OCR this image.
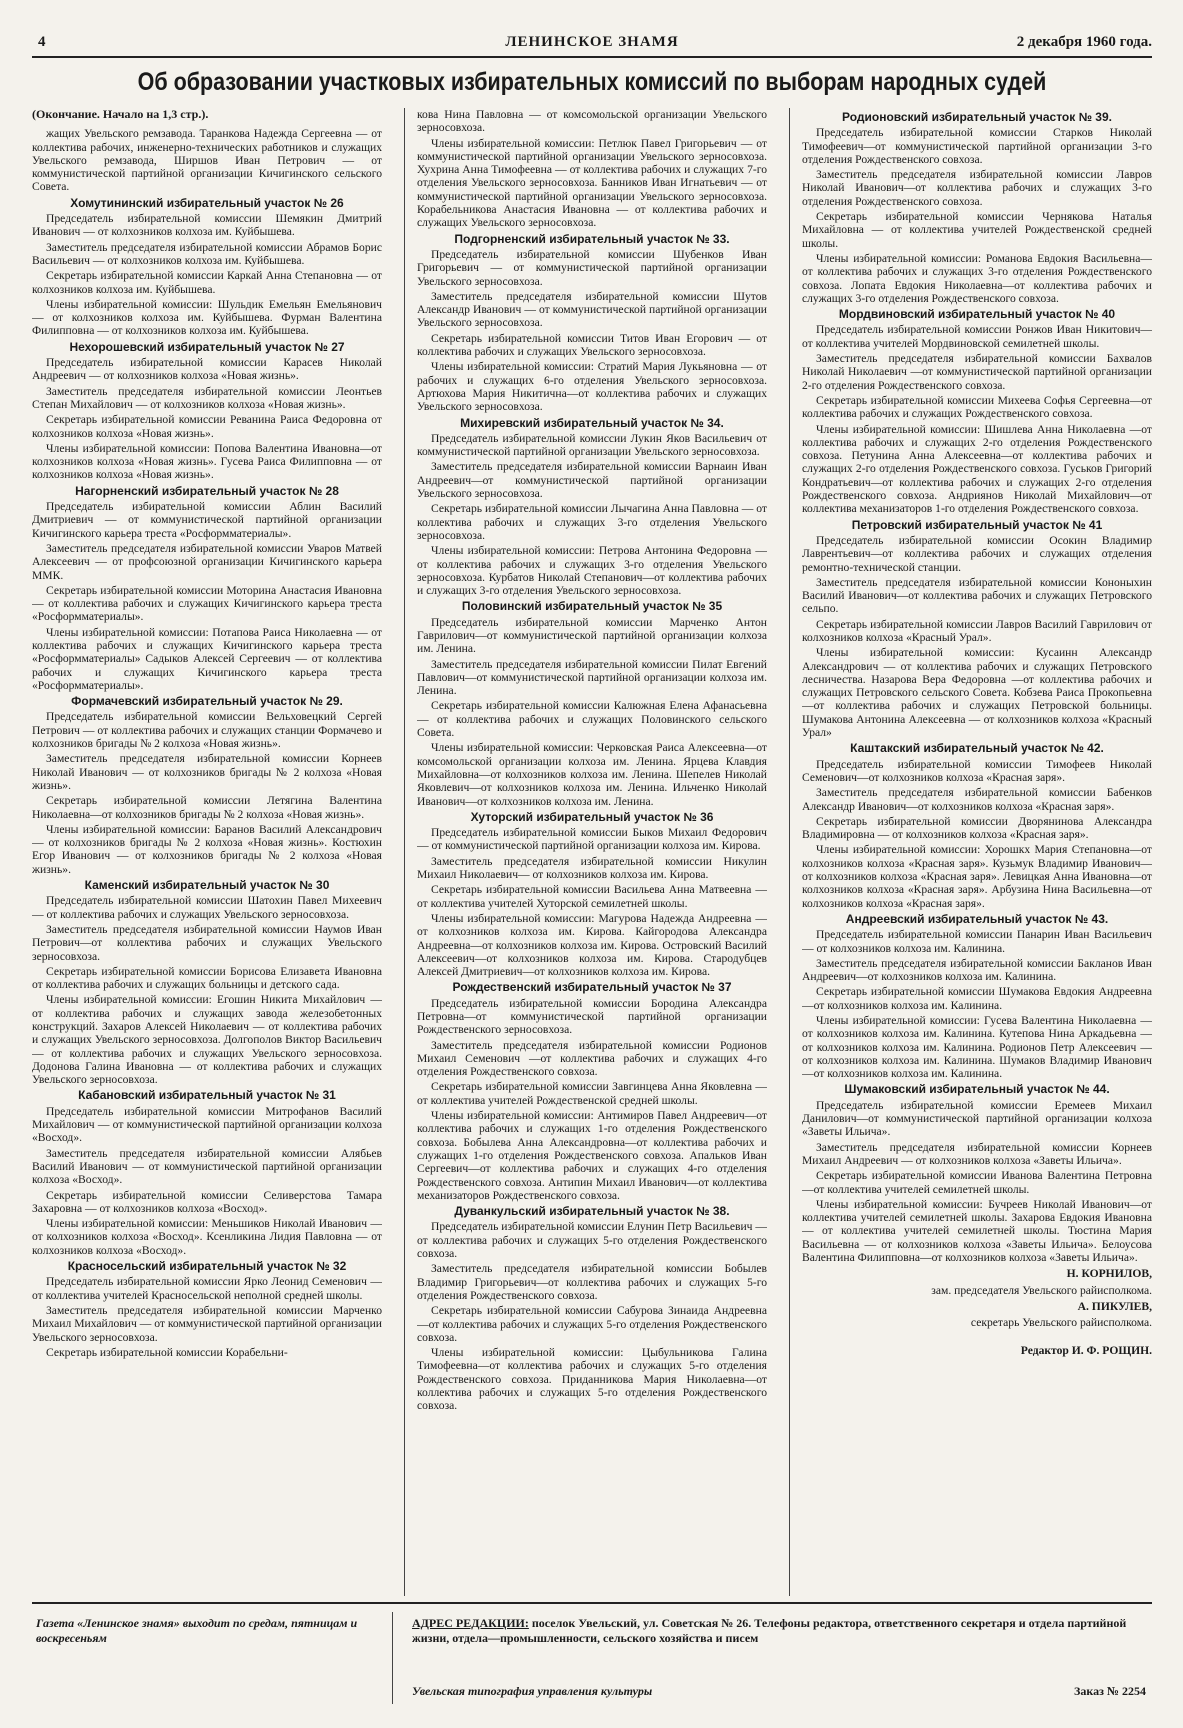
4	ЛЕНИНСКОЕ ЗНАМЯ	2 декабря 1960 года.
Об образовании участковых избирательных комиссий по выборам народных судей

(Окончание. Начало на 1,3 стр.).

жащих Увельского ремзавода. Таранкова Надежда Сергеевна — от коллектива рабочих, инженерно-технических работников и служащих Увельского ремзавода, Ширшов Иван Петрович — от коммунистической партийной организации Кичигинского сельского Совета.

Хомутининский избирательный участок № 26

Председатель избирательной комиссии Шемякин Дмитрий Иванович — от колхозников колхоза им. Куйбышева.

Заместитель председателя избирательной комиссии Абрамов Борис Васильевич — от колхозников колхоза им. Куйбышева.

Секретарь избирательной комиссии Каркай Анна Степановна — от колхозников колхоза им. Куйбышева.

Члены избирательной комиссии: Шульдик Емельян Емельянович — от колхозников колхоза им. Куйбышева. Фурман Валентина Филипповна — от колхозников колхоза им. Куйбышева.

Нехорошевский избирательный участок № 27

Председатель избирательной комиссии Карасев Николай Андреевич — от колхозников колхоза «Новая жизнь».

Заместитель председателя избирательной комиссии Леонтьев Степан Михайлович — от колхозников колхоза «Новая жизнь».

Секретарь избирательной комиссии Реванина Раиса Федоровна от колхозников колхоза «Новая жизнь».

Члены избирательной комиссии: Попова Валентина Ивановна—от колхозников колхоза «Новая жизнь». Гусева Раиса Филипповна — от колхозников колхоза «Новая жизнь».

Нагорненский избирательный участок № 28

Председатель избирательной комиссии Аблин Василий Дмитриевич — от коммунистической партийной организации Кичигинского карьера треста «Росформматериалы».

Заместитель председателя избирательной комиссии Уваров Матвей Алексеевич — от профсоюзной организации Кичигинского карьера ММК.

Секретарь избирательной комиссии Моторина Анастасия Ивановна — от коллектива рабочих и служащих Кичигинского карьера треста «Росформматериалы».

Члены избирательной комиссии: Потапова Раиса Николаевна — от коллектива рабочих и служащих Кичигинского карьера треста «Росформматериалы» Садыков Алексей Сергеевич — от коллектива рабочих и служащих Кичигинского карьера треста «Росформматериалы».

Формачевский избирательный участок № 29.

Председатель избирательной комиссии Вельховецкий Сергей Петрович — от коллектива рабочих и служащих станции Формачево и колхозников бригады № 2 колхоза «Новая жизнь».

Заместитель председателя избирательной комиссии Корнеев Николай Иванович — от колхозников бригады № 2 колхоза «Новая жизнь».

Секретарь избирательной комиссии Летягина Валентина Николаевна—от колхозников бригады № 2 колхоза «Новая жизнь».

Члены избирательной комиссии: Баранов Василий Александрович — от колхозников бригады № 2 колхоза «Новая жизнь». Костюхин Егор Иванович — от колхозников бригады № 2 колхоза «Новая жизнь».

Каменский избирательный участок № 30

Председатель избирательной комиссии Шатохин Павел Михеевич — от коллектива рабочих и служащих Увельского зерносовхоза.

Заместитель председателя избирательной комиссии Наумов Иван Петрович—от коллектива рабочих и служащих Увельского зерносовхоза.

Секретарь избирательной комиссии Борисова Елизавета Ивановна от коллектива рабочих и служащих больницы и детского сада.

Члены избирательной комиссии: Егошин Никита Михайлович — от коллектива рабочих и служащих завода железобетонных конструкций. Захаров Алексей Николаевич — от коллектива рабочих и служащих Увельского зерносовхоза. Долгополов Виктор Васильевич — от коллектива рабочих и служащих Увельского зерносовхоза. Додонова Галина Ивановна — от коллектива рабочих и служащих Увельского зерносовхоза.

Кабановский избирательный участок № 31

Председатель избирательной комиссии Митрофанов Василий Михайлович — от коммунистической партийной организации колхоза «Восход».

Заместитель председателя избирательной комиссии Алябьев Василий Иванович — от коммунистической партийной организации колхоза «Восход».

Секретарь избирательной комиссии Селиверстова Тамара Захаровна — от колхозников колхоза «Восход».

Члены избирательной комиссии: Меньшиков Николай Иванович — от колхозников колхоза «Восход». Ксенликина Лидия Павловна — от колхозников колхоза «Восход».

Красносельский избирательный участок № 32

Председатель избирательной комиссии Ярко Леонид Семенович — от коллектива учителей Красносельской неполной средней школы.

Заместитель председателя избирательной комиссии Марченко Михаил Михайлович — от коммунистической партийной организации Увельского зерносовхоза.

Секретарь избирательной комиссии Корабельни-

кова Нина Павловна — от комсомольской организации Увельского зерносовхоза.

Члены избирательной комиссии: Петлюк Павел Григорьевич — от коммунистической партийной организации Увельского зерносовхоза. Хухрина Анна Тимофеевна — от коллектива рабочих и служащих 7-го отделения Увельского зерносовхоза. Банников Иван Игнатьевич — от коммунистической партийной организации Увельского зерносовхоза. Корабельникова Анастасия Ивановна — от коллектива рабочих и служащих Увельского зерносовхоза.

Подгорненский избирательный участок № 33.

Председатель избирательной комиссии Шубенков Иван Григорьевич — от коммунистической партийной организации Увельского зерносовхоза.

Заместитель председателя избирательной комиссии Шутов Александр Иванович — от коммунистической партийной организации Увельского зерносовхоза.

Секретарь избирательной комиссии Титов Иван Егорович — от коллектива рабочих и служащих Увельского зерносовхоза.

Члены избирательной комиссии: Стратий Мария Лукьяновна — от рабочих и служащих 6-го отделения Увельского зерносовхоза. Артюхова Мария Никитична—от коллектива рабочих и служащих Увельского зерносовхоза.

Михиревский избирательный участок № 34.

Председатель избирательной комиссии Лукин Яков Васильевич от коммунистической партийной организации Увельского зерносовхоза.

Заместитель председателя избирательной комиссии Варнаин Иван Андреевич—от коммунистической партийной организации Увельского зерносовхоза.

Секретарь избирательной комиссии Лычагина Анна Павловна — от коллектива рабочих и служащих 3-го отделения Увельского зерносовхоза.

Члены избирательной комиссии: Петрова Антонина Федоровна — от коллектива рабочих и служащих 3-го отделения Увельского зерносовхоза. Курбатов Николай Степанович—от коллектива рабочих и служащих 3-го отделения Увельского зерносовхоза.

Половинский избирательный участок № 35

Председатель избирательной комиссии Марченко Антон Гаврилович—от коммунистической партийной организации колхоза им. Ленина.

Заместитель председателя избирательной комиссии Пилат Евгений Павлович—от коммунистической партийной организации колхоза им. Ленина.

Секретарь избирательной комиссии Калюжная Елена Афанасьевна— от коллектива рабочих и служащих Половинского сельского Совета.

Члены избирательной комиссии: Черковская Раиса Алексеевна—от комсомольской организации колхоза им. Ленина. Ярцева Клавдия Михайловна—от колхозников колхоза им. Ленина. Шепелев Николай Яковлевич—от колхозников колхоза им. Ленина. Ильченко Николай Иванович—от колхозников колхоза им. Ленина.

Хуторский избирательный участок № 36

Председатель избирательной комиссии Быков Михаил Федорович— от коммунистической партийной организации колхоза им. Кирова.

Заместитель председателя избирательной комиссии Никулин Михаил Николаевич— от колхозников колхоза им. Кирова.

Секретарь избирательной комиссии Васильева Анна Матвеевна — от коллектива учителей Хуторской семилетней школы.

Члены избирательной комиссии: Магурова Надежда Андреевна —от колхозников колхоза им. Кирова. Кайгородова Александра Андреевна—от колхозников колхоза им. Кирова. Островский Василий Алексеевич—от колхозников колхоза им. Кирова. Стародубцев Алексей Дмитриевич—от колхозников колхоза им. Кирова.

Рождественский избирательный участок № 37

Председатель избирательной комиссии Бородина Александра Петровна—от коммунистической партийной организации Рождественского зерносовхоза.

Заместитель председателя избирательной комиссии Родионов Михаил Семенович —от коллектива рабочих и служащих 4-го отделения Рождественского совхоза.

Секретарь избирательной комиссии Завгинцева Анна Яковлевна — от коллектива учителей Рождественской средней школы.

Члены избирательной комиссии: Антимиров Павел Андреевич—от коллектива рабочих и служащих 1-го отделения Рождественского совхоза. Бобылева Анна Александровна—от коллектива рабочих и служащих 1-го отделения Рождественского совхоза. Апальков Иван Сергеевич—от коллектива рабочих и служащих 4-го отделения Рождественского совхоза. Антипин Михаил Иванович—от коллектива механизаторов Рождественского совхоза.

Дуванкульский избирательный участок № 38.

Председатель избирательной комиссии Елунин Петр Васильевич — от коллектива рабочих и служащих 5-го отделения Рождественского совхоза.

Заместитель председателя избирательной комиссии Бобылев Владимир Григорьевич—от коллектива рабочих и служащих 5-го отделения Рождественского совхоза.

Секретарь избирательной комиссии Сабурова Зинаида Андреевна—от коллектива рабочих и служащих 5-го отделения Рождественского совхоза.

Члены избирательной комиссии: Цыбульникова Галина Тимофеевна—от коллектива рабочих и служащих 5-го отделения Рождественского совхоза. Приданникова Мария Николаевна—от коллектива рабочих и служащих 5-го отделения Рождественского совхоза.

Родионовский избирательный участок № 39.

Председатель избирательной комиссии Старков Николай Тимофеевич—от коммунистической партийной организации 3-го отделения Рождественского совхоза.

Заместитель председателя избирательной комиссии Лавров Николай Иванович—от коллектива рабочих и служащих 3-го отделения Рождественского совхоза.

Секретарь избирательной комиссии Чернякова Наталья Михайловна — от коллектива учителей Рождественской средней школы.

Члены избирательной комиссии: Романова Евдокия Васильевна—от коллектива рабочих и служащих 3-го отделения Рождественского совхоза. Лопата Евдокия Николаевна—от коллектива рабочих и служащих 3-го отделения Рождественского совхоза.

Мордвиновский избирательный участок № 40

Председатель избирательной комиссии Ронжов Иван Никитович—от коллектива учителей Мордвиновской семилетней школы.

Заместитель председателя избирательной комиссии Бахвалов Николай Николаевич —от коммунистической партийной организации 2-го отделения Рождественского совхоза.

Секретарь избирательной комиссии Михеева Софья Сергеевна—от коллектива рабочих и служащих Рождественского совхоза.

Члены избирательной комиссии: Шишлева Анна Николаевна —от коллектива рабочих и служащих 2-го отделения Рождественского совхоза. Петунина Анна Алексеевна—от коллектива рабочих и служащих 2-го отделения Рождественского совхоза. Гуськов Григорий Кондратьевич—от коллектива рабочих и служащих 2-го отделения Рождественского совхоза. Андриянов Николай Михайлович—от коллектива механизаторов 1-го отделения Рождественского совхоза.

Петровский избирательный участок № 41

Председатель избирательной комиссии Осокин Владимир Лаврентьевич—от коллектива рабочих и служащих отделения ремонтно-технической станции.

Заместитель председателя избирательной комиссии Кононыхин Василий Иванович—от коллектива рабочих и служащих Петровского сельпо.

Секретарь избирательной комиссии Лавров Василий Гаврилович от колхозников колхоза «Красный Урал».

Члены избирательной комиссии: Кусаинн Александр Александрович — от коллектива рабочих и служащих Петровского лесничества. Назарова Вера Федоровна —от коллектива рабочих и служащих Петровского сельского Совета. Кобзева Раиса Прокопьевна—от коллектива рабочих и служащих Петровской больницы. Шумакова Антонина Алексеевна — от колхозников колхоза «Красный Урал»

Каштакский избирательный участок № 42.

Председатель избирательной комиссии Тимофеев Николай Семенович—от колхозников колхоза «Красная заря».

Заместитель председателя избирательной комиссии Бабенков Александр Иванович—от колхозников колхоза «Красная заря».

Секретарь избирательной комиссии Дворянинова Александра Владимировна — от колхозников колхоза «Красная заря».

Члены избирательной комиссии: Хорошкх Мария Степановна—от колхозников колхоза «Красная заря». Кузьмук Владимир Иванович—от колхозников колхоза «Красная заря». Левицкая Анна Ивановна—от колхозников колхоза «Красная заря». Арбузина Нина Васильевна—от колхозников колхоза «Красная заря».

Андреевский избирательный участок № 43.

Председатель избирательной комиссии Панарин Иван Васильевич — от колхозников колхоза им. Калинина.

Заместитель председателя избирательной комиссии Бакланов Иван Андреевич—от колхозников колхоза им. Калинина.

Секретарь избирательной комиссии Шумакова Евдокия Андреевна —от колхозников колхоза им. Калинина.

Члены избирательной комиссии: Гусева Валентина Николаевна —от колхозников колхоза им. Калинина. Кутепова Нина Аркадьевна —от колхозников колхоза им. Калинина. Родионов Петр Алексеевич — от колхозников колхоза им. Калинина. Шумаков Владимир Иванович —от колхозников колхоза им. Калинина.

Шумаковский избирательный участок № 44.

Председатель избирательной комиссии Еремеев Михаил Данилович—от коммунистической партийной организации колхоза «Заветы Ильича».

Заместитель председателя избирательной комиссии Корнеев Михаил Андреевич — от колхозников колхоза «Заветы Ильича».

Секретарь избирательной комиссии Иванова Валентина Петровна—от коллектива учителей семилетней школы.

Члены избирательной комиссии: Бучреев Николай Иванович—от коллектива учителей семилетней школы. Захарова Евдокия Ивановна — от коллектива учителей семилетней школы. Тюстина Мария Васильевна — от колхозников колхоза «Заветы Ильича». Белоусова Валентина Филипповна—от колхозников колхоза «Заветы Ильича».

Н. КОРНИЛОВ,

зам. председателя Увельского райисполкома.

А. ПИКУЛЕВ,

секретарь Увельского райисполкома.

Редактор И. Ф. РОЩИН.

Газета «Ленинское знамя» выходит по средам, пятницам и воскресеньям
АДРЕС РЕДАКЦИИ: поселок Увельский, ул. Советская № 26. Телефоны редактора, ответственного секретаря и отдела партийной жизни, отдела—промышленности, сельского хозяйства и писем
Увельская типография управления культуры	Заказ № 2254
